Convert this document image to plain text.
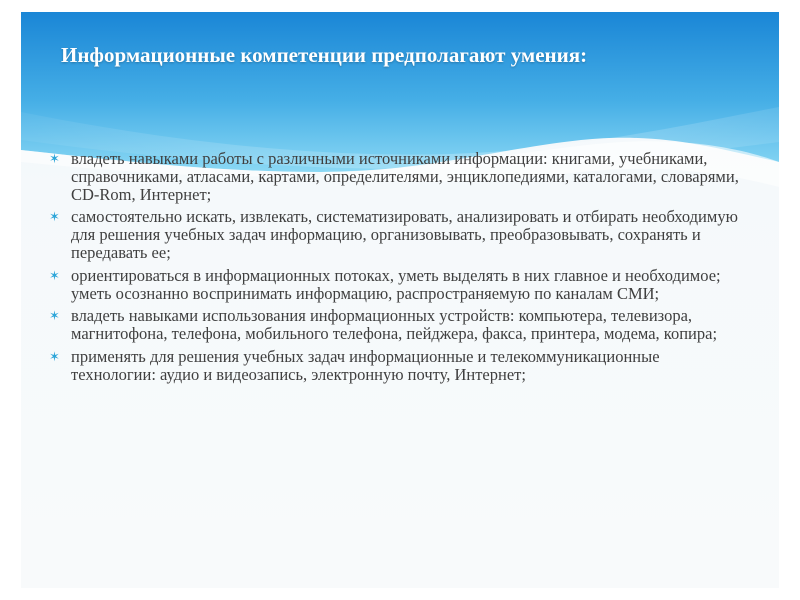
Информационные компетенции предполагают умения:
✶ владеть навыками работы с различными источниками информации: книгами, учебниками, справочниками, атласами, картами, определителями, энциклопедиями, каталогами, словарями, CD-Rom, Интернет;
✶ самостоятельно искать, извлекать, систематизировать, анализировать и отбирать необходимую для решения учебных задач информацию, организовывать, преобразовывать, сохранять и передавать ее;
✶ ориентироваться в информационных потоках, уметь выделять в них главное и необходимое; уметь осознанно воспринимать информацию, распространяемую по каналам СМИ;
✶ владеть навыками использования информационных устройств: компьютера, телевизора, магнитофона, телефона, мобильного телефона, пейджера, факса, принтера, модема, копира;
✶ применять для решения учебных задач информационные и телекоммуникационные технологии: аудио и видеозапись, электронную почту, Интернет;
